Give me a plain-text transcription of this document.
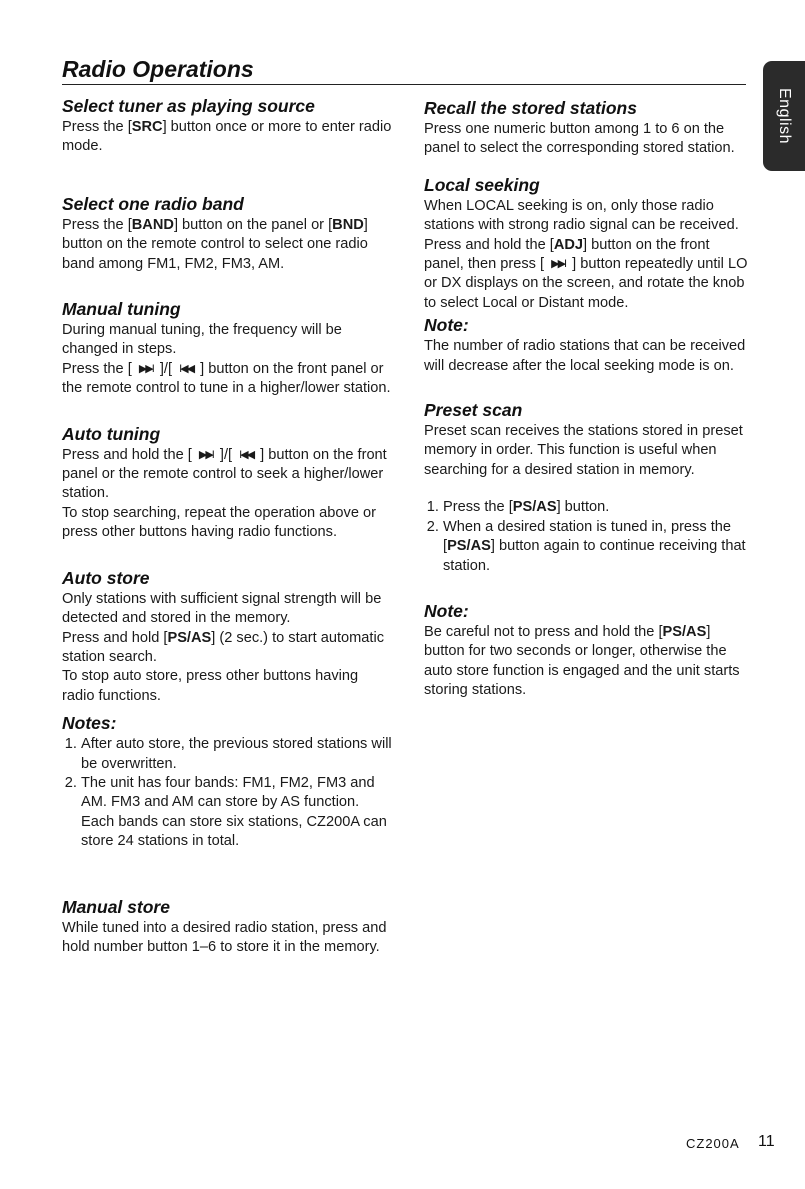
Radio Operations
English
Select tuner as playing source

Press the [SRC] button once or more to enter radio mode.

Select one radio band

Press the [BAND] button on the panel or [BND] button on the remote control to select one radio band among FM1, FM2, FM3, AM.

Manual tuning

During manual tuning, the frequency will be changed in steps.

Press the [ ▶▶I ]/[ I◀◀ ] button on the front panel or the remote control to tune in a higher/lower station.

Auto tuning

Press and hold the [ ▶▶I ]/[ I◀◀ ] button on the front panel or the remote control to seek a higher/lower station.

To stop searching, repeat the operation above or press other buttons having radio functions.

Auto store

Only stations with sufficient signal strength will be detected and stored in the memory.

Press and hold [PS/AS] (2 sec.) to start automatic station search.

To stop auto store, press other buttons having radio functions.

Notes:
1. After auto store, the previous stored stations will be overwritten.
2. The unit has four bands: FM1, FM2, FM3 and AM. FM3 and AM can store by AS function. Each bands can store six stations, CZ200A can store 24 stations in total.
Manual store

While tuned into a desired radio station, press and hold number button 1–6 to store it in the memory.

Recall the stored stations

Press one numeric button among 1 to 6 on the panel to select the corresponding stored station.

Local seeking

When LOCAL seeking is on, only those radio stations with strong radio signal can be received.

Press and hold the [ADJ] button on the front panel, then press [ ▶▶I ] button repeatedly until LO or DX displays on the screen, and rotate the knob to select Local or Distant mode.

Note:

The number of radio stations that can be received will decrease after the local seeking mode is on.

Preset scan

Preset scan receives the stations stored in preset memory in order. This function is useful when searching for a desired station in memory.

1. Press the [PS/AS] button.
2. When a desired station is tuned in, press the [PS/AS] button again to continue receiving that station.
Note:

Be careful not to press and hold the [PS/AS] button for two seconds or longer, otherwise the auto store function is engaged and the unit starts storing stations.

CZ200A 11
